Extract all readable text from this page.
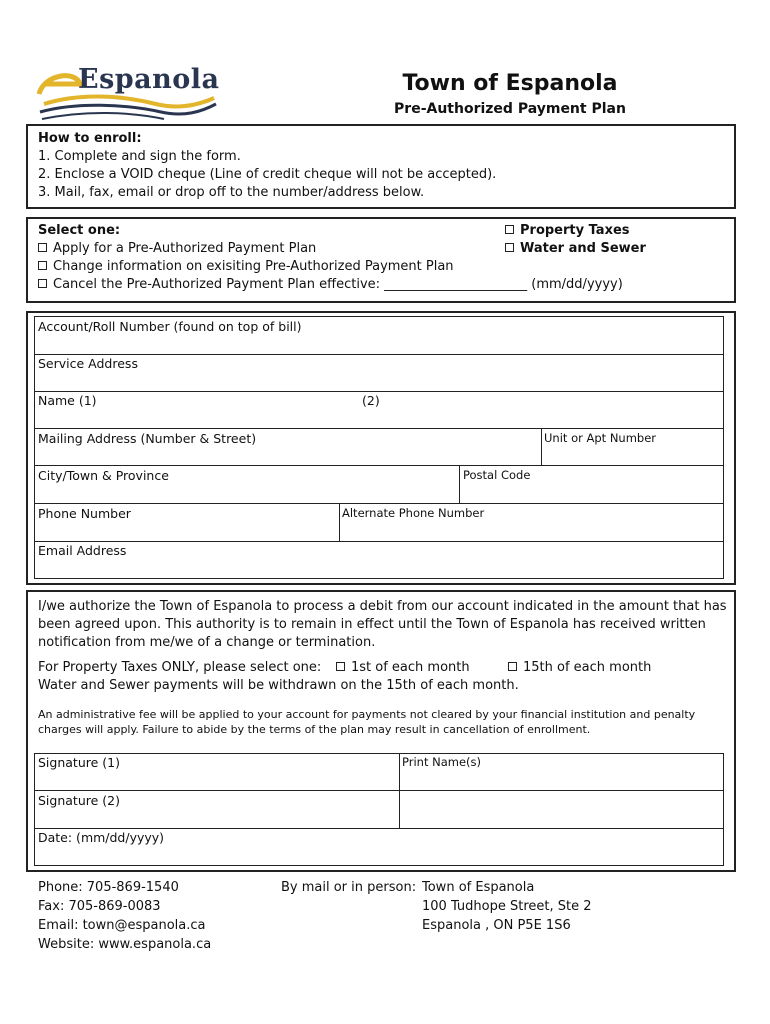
Espanola	Town of Espanola
Pre-Authorized Payment Plan
How to enroll:
1. Complete and sign the form.
2. Enclose a VOID cheque (Line of credit cheque will not be accepted).
3. Mail, fax, email or drop off to the number/address below.
Select one:
Apply for a Pre-Authorized Payment Plan
Change information on exisiting Pre-Authorized Payment Plan
Cancel the Pre-Authorized Payment Plan effective: ______________________ (mm/dd/yyyy)
Property Taxes
Water and Sewer
Account/Roll Number (found on top of bill)
Service Address
Name (1)	(2)
Mailing Address (Number & Street)	Unit or Apt Number
City/Town & Province	Postal Code
Phone Number	Alternate Phone Number
Email Address
I/we authorize the Town of Espanola to process a debit from our account indicated in the amount that has
been agreed upon. This authority is to remain in effect until the Town of Espanola has received written
notification from me/we of a change or termination.
For Property Taxes ONLY, please select one:	1st of each month	15th of each month
Water and Sewer payments will be withdrawn on the 15th of each month.
An administrative fee will be applied to your account for payments not cleared by your financial institution and penalty
charges will apply. Failure to abide by the terms of the plan may result in cancellation of enrollment.
Signature (1)	Print Name(s)
Signature (2)
Date: (mm/dd/yyyy)
Phone: 705-869-1540
Fax: 705-869-0083
Email: town@espanola.ca
Website: www.espanola.ca
By mail or in person: Town of Espanola
100 Tudhope Street, Ste 2
Espanola , ON P5E 1S6
